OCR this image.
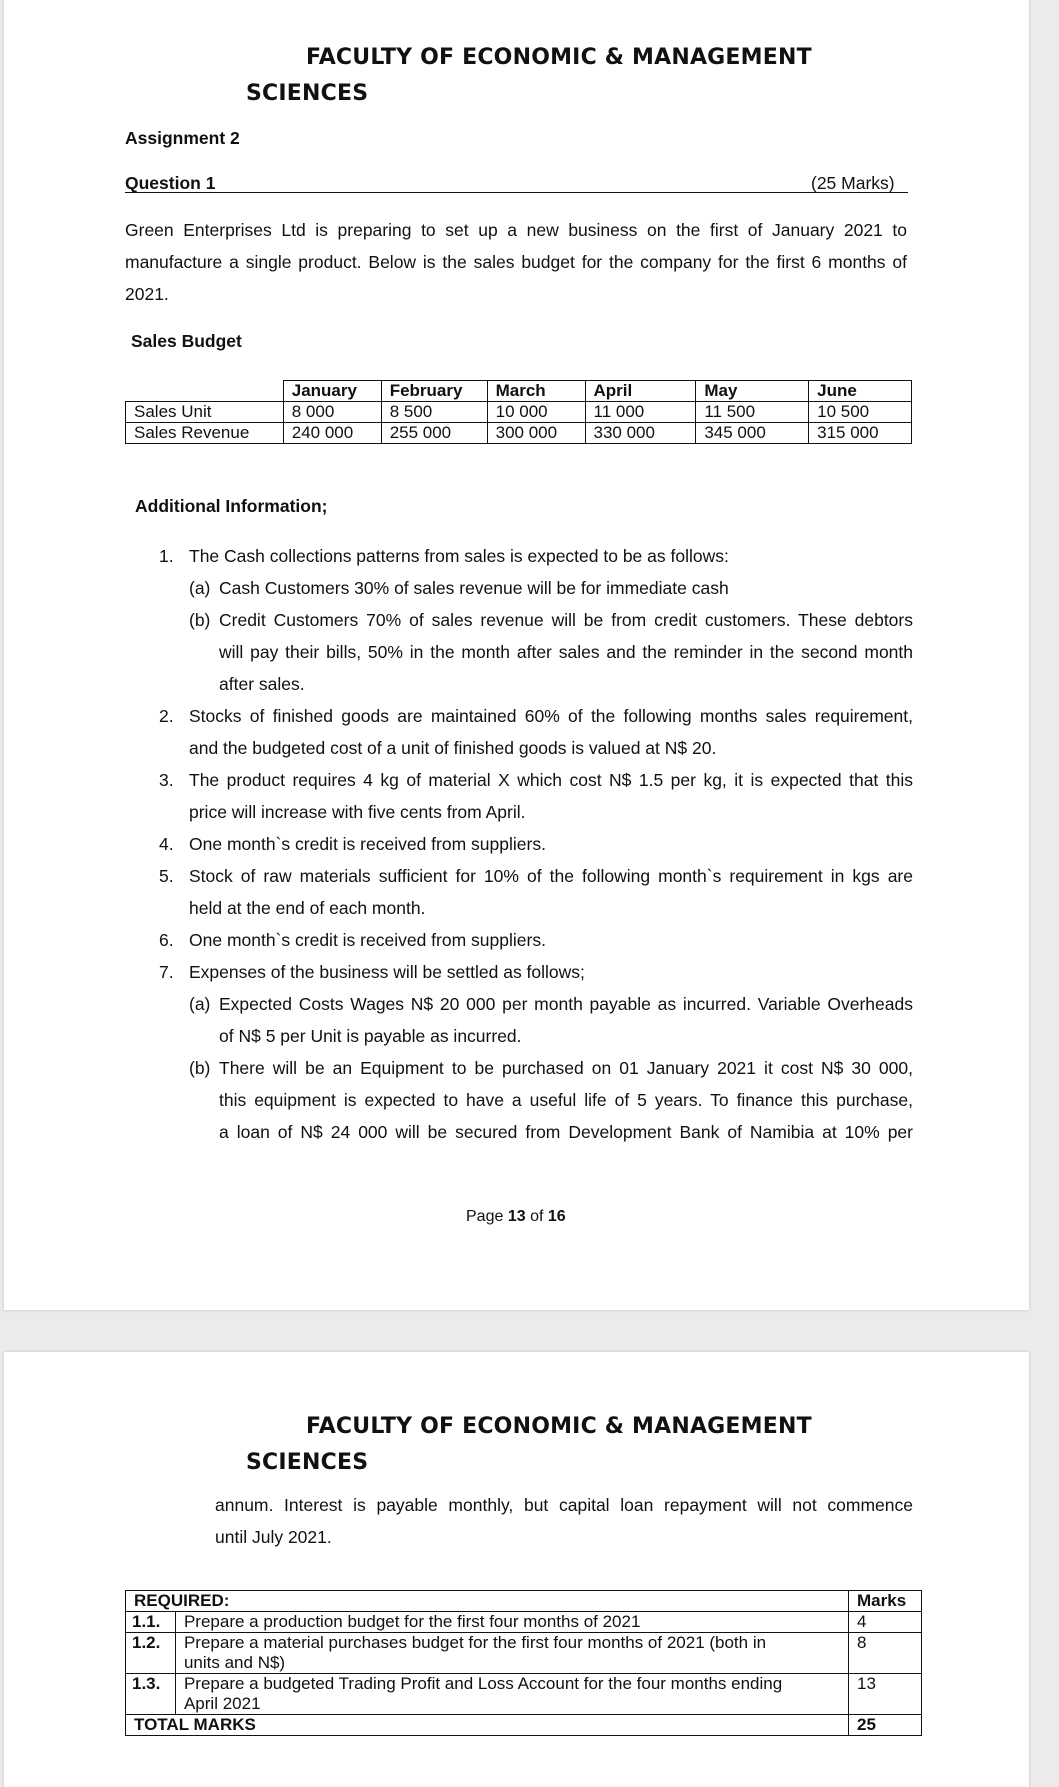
FACULTY OF ECONOMIC & MANAGEMENT
SCIENCES
Assignment 2
Question 1	(25 Marks)
Green Enterprises Ltd is preparing to set up a new business on the first of January 2021 to
manufacture a single product. Below is the sales budget for the company for the first 6 months of
2021.
Sales Budget
	January	February	March	April	May	June
Sales Unit	8 000	8 500	10 000	11 000	11 500	10 500
Sales Revenue	240 000	255 000	300 000	330 000	345 000	315 000
Additional Information;
1. The Cash collections patterns from sales is expected to be as follows:
(a) Cash Customers 30% of sales revenue will be for immediate cash
(b) Credit Customers 70% of sales revenue will be from credit customers. These debtors
will pay their bills, 50% in the month after sales and the reminder in the second month
after sales.
2. Stocks of finished goods are maintained 60% of the following months sales requirement,
and the budgeted cost of a unit of finished goods is valued at N$ 20.
3. The product requires 4 kg of material X which cost N$ 1.5 per kg, it is expected that this
price will increase with five cents from April.
4. One month`s credit is received from suppliers.
5. Stock of raw materials sufficient for 10% of the following month`s requirement in kgs are
held at the end of each month.
6. One month`s credit is received from suppliers.
7. Expenses of the business will be settled as follows;
(a) Expected Costs Wages N$ 20 000 per month payable as incurred. Variable Overheads
of N$ 5 per Unit is payable as incurred.
(b) There will be an Equipment to be purchased on 01 January 2021 it cost N$ 30 000,
this equipment is expected to have a useful life of 5 years. To finance this purchase,
a loan of N$ 24 000 will be secured from Development Bank of Namibia at 10% per
Page 13 of 16
FACULTY OF ECONOMIC & MANAGEMENT
SCIENCES
annum. Interest is payable monthly, but capital loan repayment will not commence
until July 2021.
REQUIRED:		Marks
1.1.	Prepare a production budget for the first four months of 2021	4
1.2.	Prepare a material purchases budget for the first four months of 2021 (both in
units and N$)	8
1.3.	Prepare a budgeted Trading Profit and Loss Account for the four months ending
April 2021	13
TOTAL MARKS		25
